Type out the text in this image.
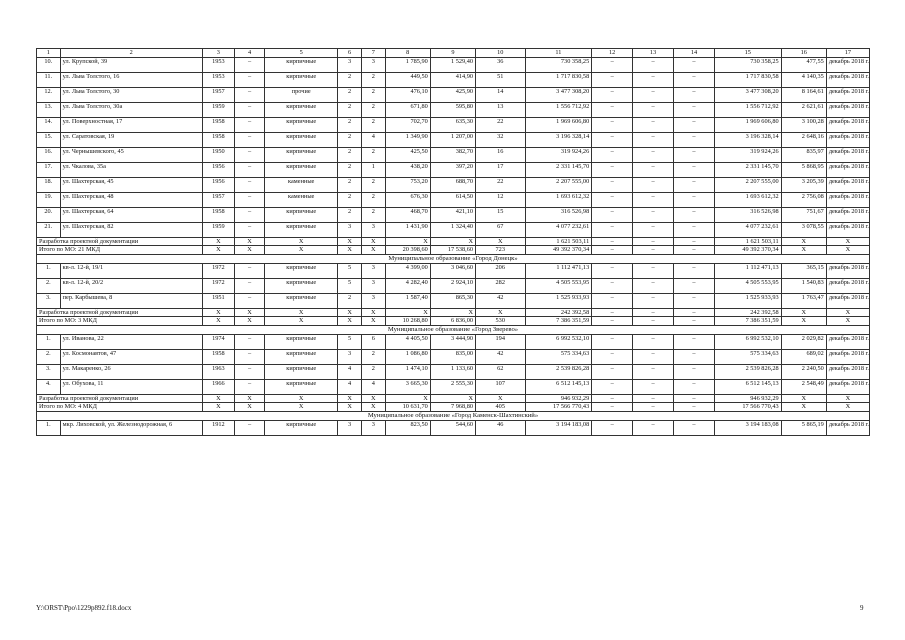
1	2	3	4	5	6	7	8	9	10	11	12	13	14	15	16	17
10.	ул. Крупской, 39	1953	–	кирпичные	3	3	1 785,90	1 529,40	36	730 358,25	–	–	–	730 358,25	477,55	декабрь 2018 г.
11.	ул. Льва Толстого, 16	1953	–	кирпичные	2	2	449,50	414,90	51	1 717 830,58	–	–	–	1 717 830,58	4 140,35	декабрь 2018 г.
12.	ул. Льва Толстого, 30	1957	–	прочие	2	2	476,10	425,90	14	3 477 308,20	–	–	–	3 477 308,20	8 164,61	декабрь 2018 г.
13.	ул. Льва Толстого, 30а	1959	–	кирпичные	2	2	671,80	595,80	13	1 556 712,92	–	–	–	1 556 712,92	2 621,61	декабрь 2018 г.
14.	ул. Поверхностная, 17	1958	–	кирпичные	2	2	702,70	635,30	22	1 969 606,80	–	–	–	1 969 606,80	3 100,28	декабрь 2018 г.
15.	ул. Саратовская, 19	1958	–	кирпичные	2	4	1 349,90	1 207,00	32	3 196 328,14	–	–	–	3 196 328,14	2 648,16	декабрь 2018 г.
16.	ул. Чернышевского, 45	1950	–	кирпичные	2	2	425,50	382,70	16	319 924,26	–	–	–	319 924,26	835,97	декабрь 2018 г.
17.	ул. Чкалова, 35а	1956	–	кирпичные	2	1	438,20	397,20	17	2 331 145,70	–	–	–	2 331 145,70	5 868,95	декабрь 2018 г.
18.	ул. Шахтерская, 45	1956	–	каменные	2	2	753,20	688,70	22	2 207 555,00	–	–	–	2 207 555,00	3 205,39	декабрь 2018 г.
19.	ул. Шахтерская, 48	1957	–	каменные	2	2	676,30	614,50	12	1 693 612,32	–	–	–	1 693 612,32	2 756,08	декабрь 2018 г.
20.	ул. Шахтерская, 64	1958	–	кирпичные	2	2	468,70	421,10	15	316 526,98	–	–	–	316 526,98	751,67	декабрь 2018 г.
21.	ул. Шахтерская, 82	1959	–	кирпичные	3	3	1 431,90	1 324,40	67	4 077 232,61	–	–	–	4 077 232,61	3 078,55	декабрь 2018 г.
Разработка проектной документации		X	X	X	X	X	X	X	X	1 621 503,11	–	–	–	1 621 503,11	X	X
Итого по МО: 21 МКД		X	X	X	X	X	20 398,60	17 538,60	723	49 392 370,34	–	–	–	49 392 370,34	X	X
Муниципальное образование «Город Донецк»																
1.	кв-л. 12-й, 19/1	1972	–	кирпичные	5	3	4 399,00	3 046,60	206	1 112 471,13	–	–	–	1 112 471,13	365,15	декабрь 2018 г.
2.	кв-л. 12-й, 20/2	1972	–	кирпичные	5	3	4 282,40	2 924,10	282	4 505 553,95	–	–	–	4 505 553,95	1 540,83	декабрь 2018 г.
3.	пер. Карбышева, 8	1951	–	кирпичные	2	3	1 587,40	865,30	42	1 525 933,93	–	–	–	1 525 933,93	1 763,47	декабрь 2018 г.
Разработка проектной документации		X	X	X	X	X	X	X	X	242 392,58	–	–	–	242 392,58	X	X
Итого по МО: 3 МКД		X	X	X	X	X	10 268,80	6 836,00	530	7 386 351,59	–	–	–	7 386 351,59	X	X
Муниципальное образование «Город Зверево»																
1.	ул. Иванова, 22	1974	–	кирпичные	5	6	4 405,50	3 444,90	194	6 992 532,10	–	–	–	6 992 532,10	2 029,82	декабрь 2018 г.
2.	ул. Космонавтов, 47	1958	–	кирпичные	3	2	1 086,80	835,00	42	575 334,63	–	–	–	575 334,63	689,02	декабрь 2018 г.
3.	ул. Макаренко, 26	1963	–	кирпичные	4	2	1 474,10	1 133,60	62	2 539 826,28	–	–	–	2 539 826,28	2 240,50	декабрь 2018 г.
4.	ул. Обухова, 11	1966	–	кирпичные	4	4	3 665,30	2 555,30	107	6 512 145,13	–	–	–	6 512 145,13	2 548,49	декабрь 2018 г.
Разработка проектной документации		X	X	X	X	X	X	X	X	946 932,29	–	–	–	946 932,29	X	X
Итого по МО: 4 МКД		X	X	X	X	X	10 631,70	7 968,80	405	17 566 770,43	–	–	–	17 566 770,43	X	X
Муниципальное образование «Город Каменск-Шахтинский»																
1.	мкр. Лиховской, ул. Железнодорожная, 6	1912	–	кирпичные	3	3	823,50	544,60	46	3 194 183,08	–	–	–	3 194 183,08	5 865,19	декабрь 2018 г.
Y:\ORST\Ppo\1229p892.f18.docx	9
